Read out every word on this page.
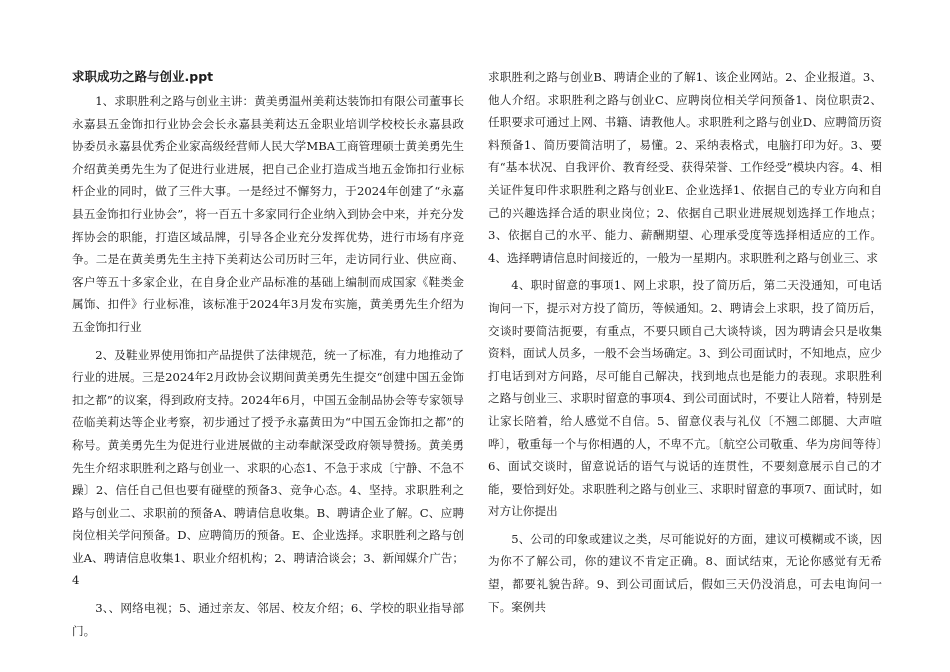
求职成功之路与创业.ppt

1、求职胜利之路与创业主讲：黄美勇温州美莉达装饰扣有限公司董事长永嘉县五金饰扣行业协会会长永嘉县美莉达五金职业培训学校校长永嘉县政协委员永嘉县优秀企业家高级经营师人民大学MBA工商管理硕士黄美勇先生介绍黄美勇先生为了促进行业进展，把自己企业打造成当地五金饰扣行业标杆企业的同时，做了三件大事。一是经过不懈努力，于2024年创建了“永嘉县五金饰扣行业协会”，将一百五十多家同行企业纳入到协会中来，并充分发挥协会的职能，打造区域品牌，引导各企业充分发挥优势，进行市场有序竞争。二是在黄美勇先生主持下美莉达公司历时三年，走访同行业、供应商、客户等五十多家企业，在自身企业产品标准的基础上编制而成国家《鞋类金属饰、扣件》行业标准，该标准于2024年3月发布实施，黄美勇先生介绍为五金饰扣行业

2、及鞋业界使用饰扣产品提供了法律规范，统一了标准，有力地推动了行业的进展。三是2024年2月政协会议期间黄美勇先生提交“创建中国五金饰扣之都”的议案，得到政府支持。2024年6月，中国五金制品协会等专家领导莅临美莉达等企业考察，初步通过了授予永嘉黄田为“中国五金饰扣之都”的称号。黄美勇先生为促进行业进展做的主动奉献深受政府领导赞扬。黄美勇先生介绍求职胜利之路与创业一、求职的心态1、不急于求成〔宁静、不急不躁〕2、信任自己但也要有碰壁的预备3、竞争心态。4、坚持。求职胜利之路与创业二、求职前的预备A、聘请信息收集。B、聘请企业了解。C、应聘岗位相关学问预备。D、应聘简历的预备。E、企业选择。求职胜利之路与创业A、聘请信息收集1、职业介绍机构；2、聘请洽谈会；3、新闻媒介广告；4

3、、网络电视；5、通过亲友、邻居、校友介绍；6、学校的职业指导部门。

求职胜利之路与创业B、聘请企业的了解1、该企业网站。2、企业报道。3、他人介绍。求职胜利之路与创业C、应聘岗位相关学问预备1、岗位职责2、任职要求可通过上网、书籍、请教他人。求职胜利之路与创业D、应聘简历资料预备1、简历要简洁明了，易懂。2、采纳表格式，电脑打印为好。3、要有“基本状况、自我评价、教育经受、获得荣誉、工作经受”模块内容。4、相关证件复印件求职胜利之路与创业E、企业选择1、依据自己的专业方向和自己的兴趣选择合适的职业岗位；2、依据自己职业进展规划选择工作地点；3、依据自己的水平、能力、薪酬期望、心理承受度等选择相适应的工作。4、选择聘请信息时间接近的，一般为一星期内。求职胜利之路与创业三、求

4、职时留意的事项1、网上求职，投了简历后，第二天没通知，可电话询问一下，提示对方投了简历，等候通知。2、聘请会上求职，投了简历后，交谈时要简洁扼要，有重点，不要只顾自己大谈特谈，因为聘请会只是收集资料，面试人员多，一般不会当场确定。3、到公司面试时，不知地点，应少打电话到对方问路，尽可能自己解决，找到地点也是能力的表现。求职胜利之路与创业三、求职时留意的事项4、到公司面试时，不要让人陪着，特别是让家长陪着，给人感觉不自信。5、留意仪表与礼仪〔不翘二郎腿、大声喧哗〕，敬重每一个与你相遇的人，不卑不亢。〔航空公司敬重、华为房间等待〕6、面试交谈时，留意说话的语气与说话的连贯性，不要刻意展示自己的才能，要恰到好处。求职胜利之路与创业三、求职时留意的事项7、面试时，如对方让你提出

5、公司的印象或建议之类，尽可能说好的方面，建议可模糊或不谈，因为你不了解公司，你的建议不肯定正确。8、面试结束，无论你感觉有无希望，都要礼貌告辞。9、到公司面试后，假如三天仍没消息，可去电询问一下。案例共
